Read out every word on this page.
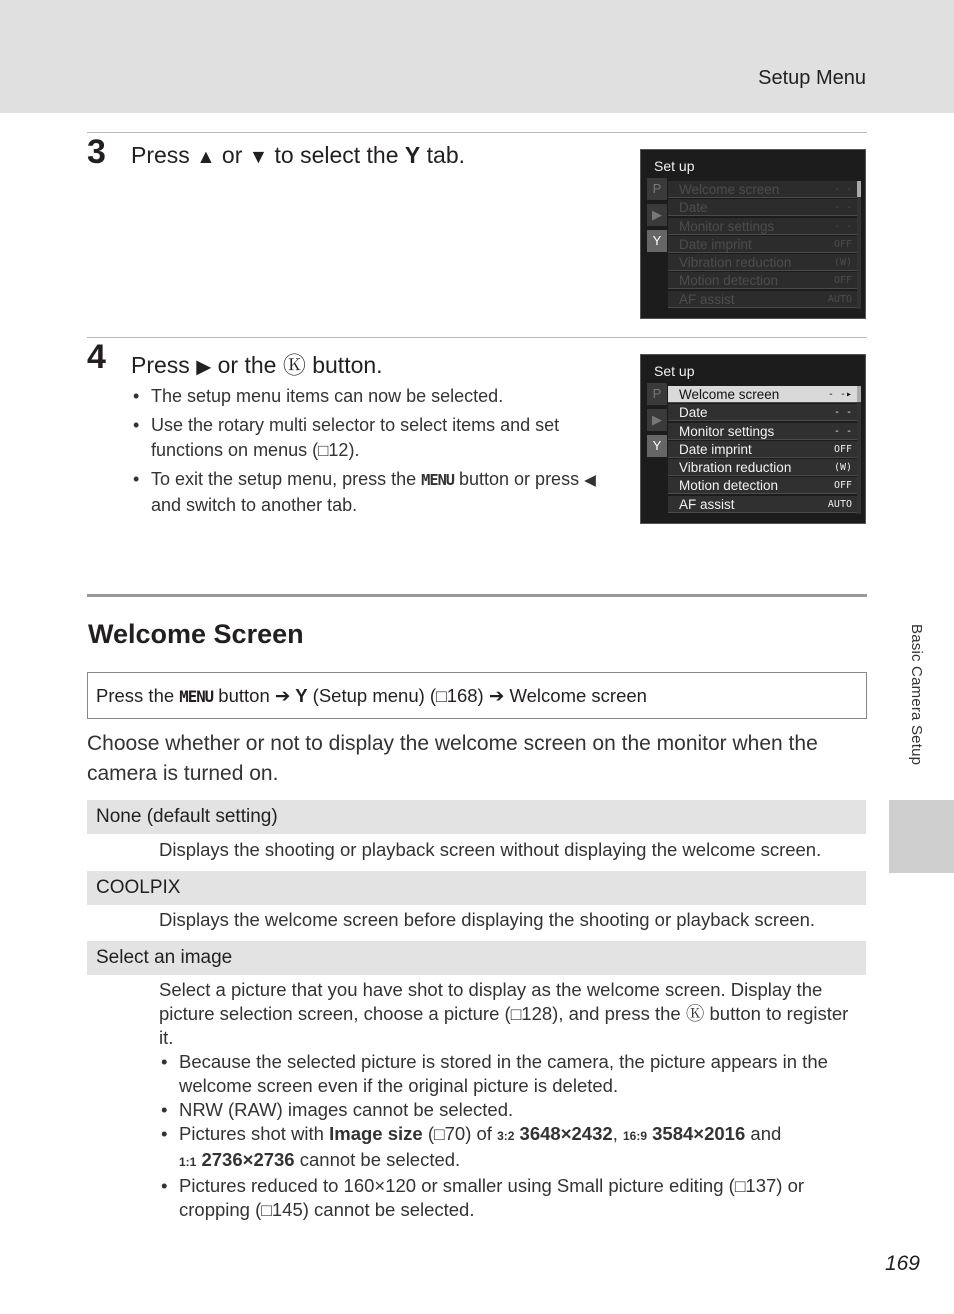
Setup Menu
3 Press ▲ or ▼ to select the Y tab.	Set up
P
▶
Y
Welcome screen	- -
Date	- -
Monitor settings	- -
Date imprint	OFF
Vibration reduction	(W)
Motion detection	OFF
AF assist	AUTO
4 Press ▶ or the Ⓚ button.
• The setup menu items can now be selected.
• Use the rotary multi selector to select items and set functions on menus (□12).
• To exit the setup menu, press the MENU button or press ◀ and switch to another tab.
Set up
P
▶
Y
Welcome screen	- -▸
Date	- -
Monitor settings	- -
Date imprint	OFF
Vibration reduction	(W)
Motion detection	OFF
AF assist	AUTO
Welcome Screen
Press the MENU button ➔ Y (Setup menu) (□168) ➔ Welcome screen
Choose whether or not to display the welcome screen on the monitor when the camera is turned on.
None (default setting)
Displays the shooting or playback screen without displaying the welcome screen.
COOLPIX
Displays the welcome screen before displaying the shooting or playback screen.
Select an image
Select a picture that you have shot to display as the welcome screen. Display the picture selection screen, choose a picture (□128), and press the Ⓚ button to register it.
• Because the selected picture is stored in the camera, the picture appears in the welcome screen even if the original picture is deleted.
• NRW (RAW) images cannot be selected.
• Pictures shot with Image size (□70) of 3:2 3648×2432, 16:9 3584×2016 and
1:1 2736×2736 cannot be selected.
• Pictures reduced to 160×120 or smaller using Small picture editing (□137) or cropping (□145) cannot be selected.
Basic Camera Setup
169
